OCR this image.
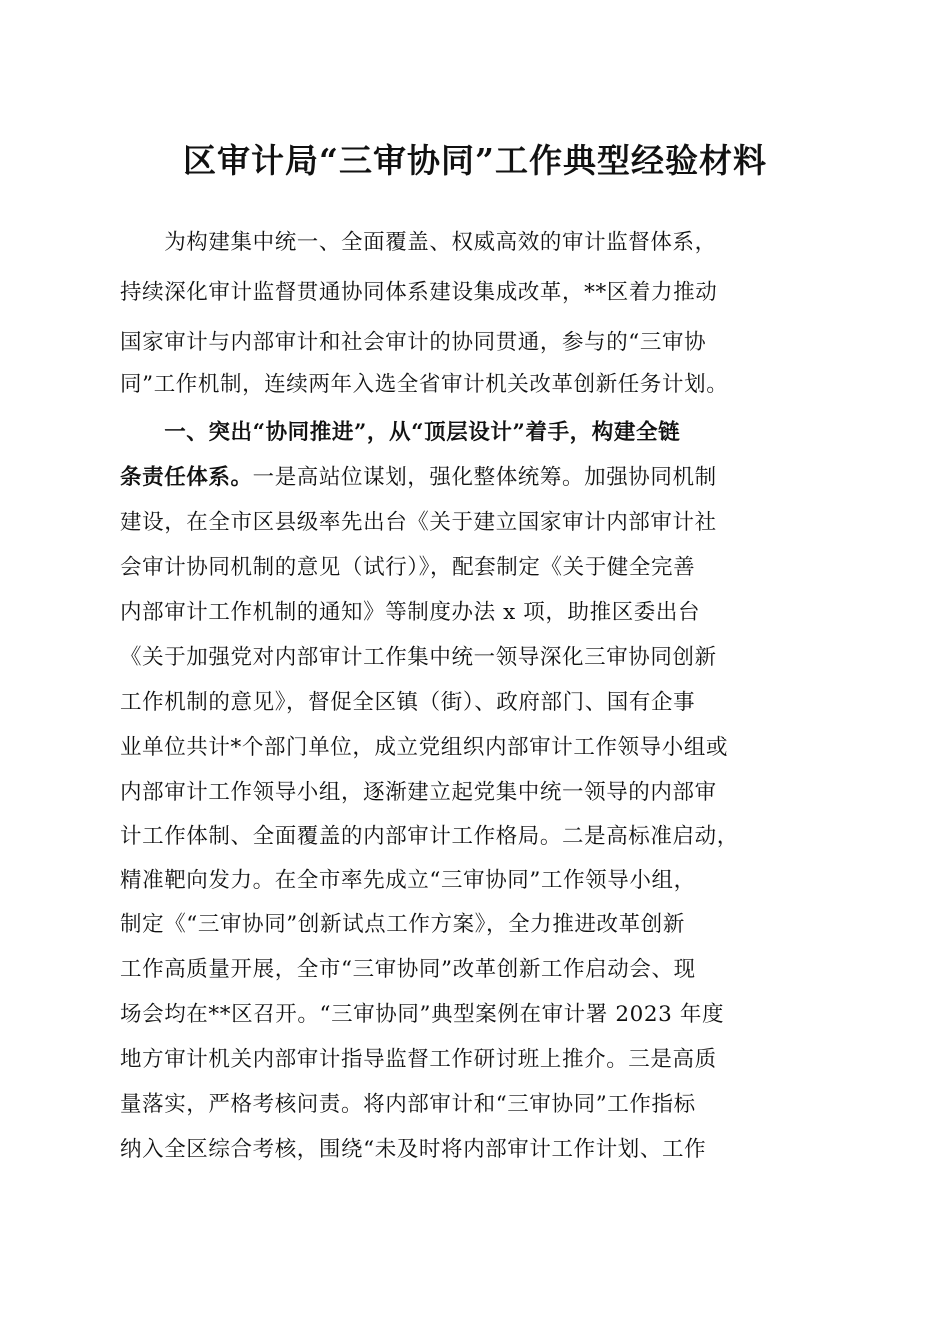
区审计局“三审协同”工作典型经验材料
　　为构建集中统一、全面覆盖、权威高效的审计监督体系，
持续深化审计监督贯通协同体系建设集成改革，**区着力推动
国家审计与内部审计和社会审计的协同贯通，参与的“三审协
同”工作机制，连续两年入选全省审计机关改革创新任务计划。
　　一、突出“协同推进”，从“顶层设计”着手，构建全链
条责任体系。一是高站位谋划，强化整体统筹。加强协同机制
建设，在全市区县级率先出台《关于建立国家审计内部审计社
会审计协同机制的意见（试行）》，配套制定《关于健全完善
内部审计工作机制的通知》等制度办法 x 项，助推区委出台
《关于加强党对内部审计工作集中统一领导深化三审协同创新
工作机制的意见》，督促全区镇（街）、政府部门、国有企事
业单位共计*个部门单位，成立党组织内部审计工作领导小组或
内部审计工作领导小组，逐渐建立起党集中统一领导的内部审
计工作体制、全面覆盖的内部审计工作格局。二是高标准启动，
精准靶向发力。在全市率先成立“三审协同”工作领导小组，
制定《“三审协同”创新试点工作方案》，全力推进改革创新
工作高质量开展，全市“三审协同”改革创新工作启动会、现
场会均在**区召开。“三审协同”典型案例在审计署 2023 年度
地方审计机关内部审计指导监督工作研讨班上推介。三是高质
量落实，严格考核问责。将内部审计和“三审协同”工作指标
纳入全区综合考核，围绕“未及时将内部审计工作计划、工作
